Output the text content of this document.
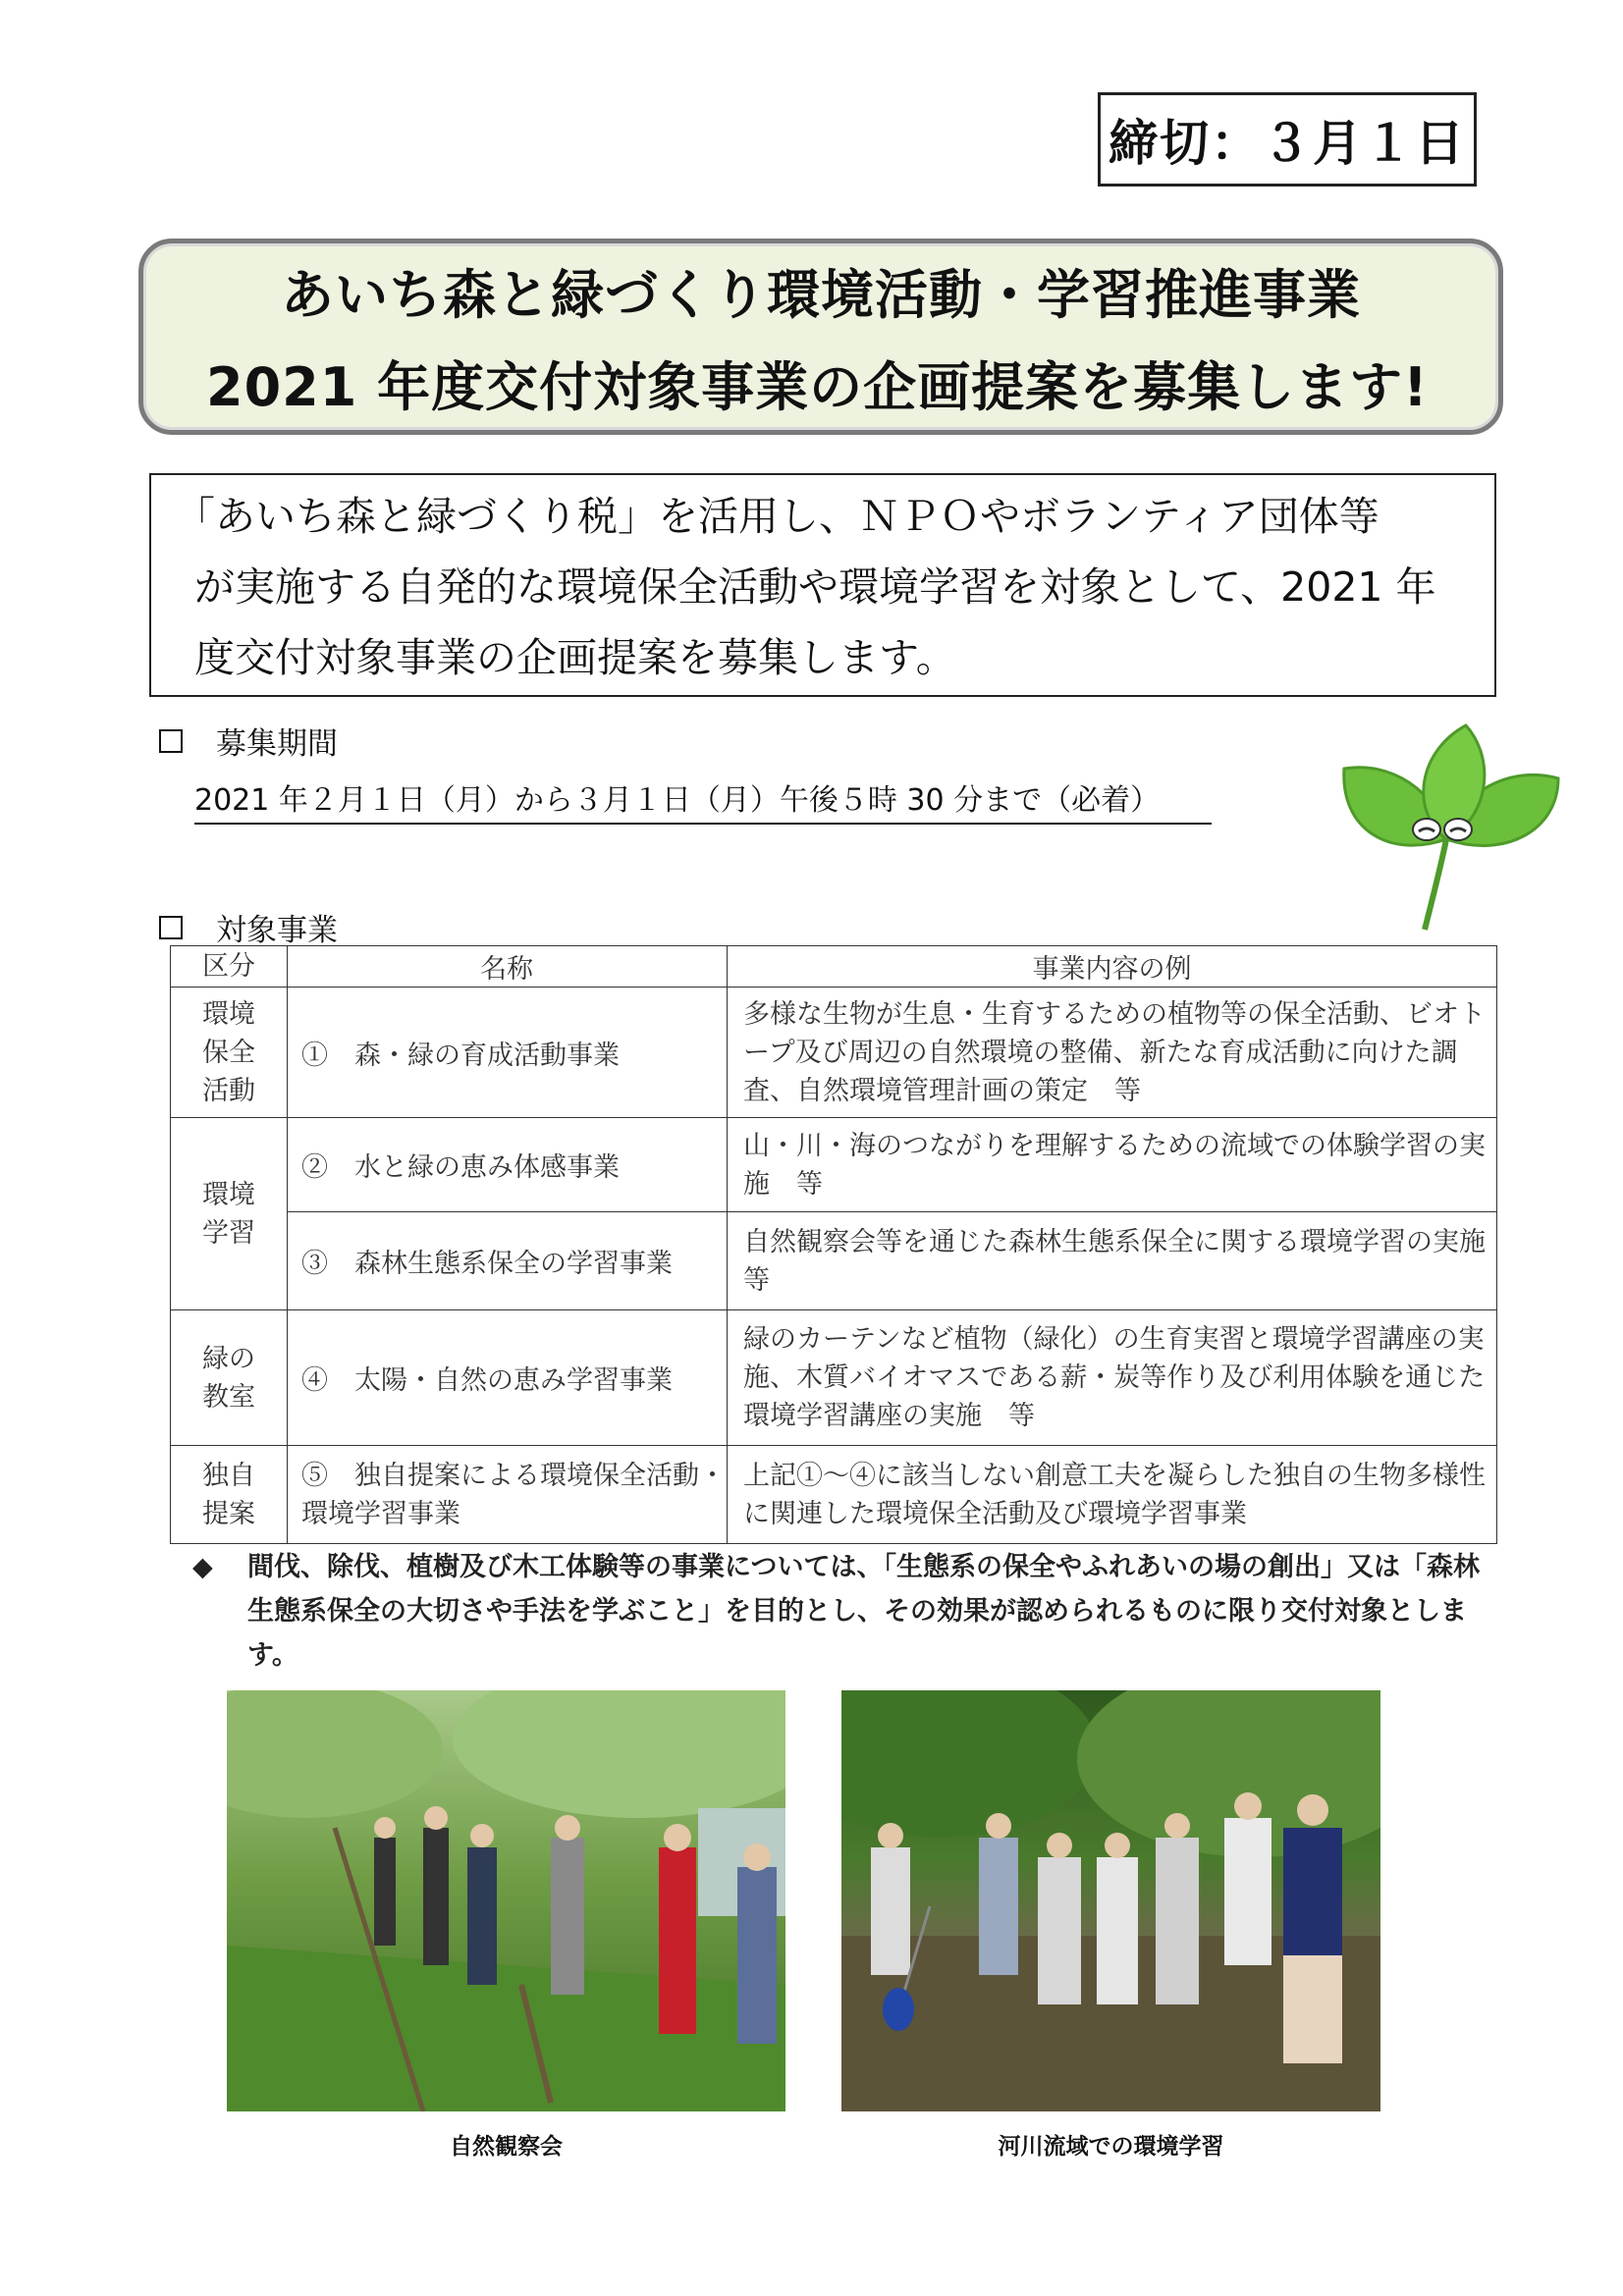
締切：３月１日
あいち森と緑づくり環境活動・学習推進事業
2021 年度交付対象事業の企画提案を募集します!
「あいち森と緑づくり税」を活用し、ＮＰＯやボランティア団体等
が実施する自発的な環境保全活動や環境学習を対象として、2021 年
度交付対象事業の企画提案を募集します。
募集期間
2021 年２月１日（月）から３月１日（月）午後５時 30 分まで（必着）
対象事業
区分	名称	事業内容の例

環境
保全
活動	①　森・緑の育成活動事業	多様な生物が生息・生育するための植物等の保全活動、ビオトープ及び周辺の自然環境の整備、新たな育成活動に向けた調査、自然環境管理計画の策定　等

環境
学習	②　水と緑の恵み体感事業	山・川・海のつながりを理解するための流域での体験学習の実施　等
	③　森林生態系保全の学習事業	自然観察会等を通じた森林生態系保全に関する環境学習の実施　等

緑の
教室	④　太陽・自然の恵み学習事業	緑のカーテンなど植物（緑化）の生育実習と環境学習講座の実施、木質バイオマスである薪・炭等作り及び利用体験を通じた環境学習講座の実施　等

独自
提案	⑤　独自提案による環境保全活動・環境学習事業	上記①～④に該当しない創意工夫を凝らした独自の生物多様性に関連した環境保全活動及び環境学習事業
◆ 間伐、除伐、植樹及び木工体験等の事業については、「生態系の保全やふれあいの場の創出」又は「森林生態系保全の大切さや手法を学ぶこと」を目的とし、その効果が認められるものに限り交付対象とします。
自然観察会	河川流域での環境学習
